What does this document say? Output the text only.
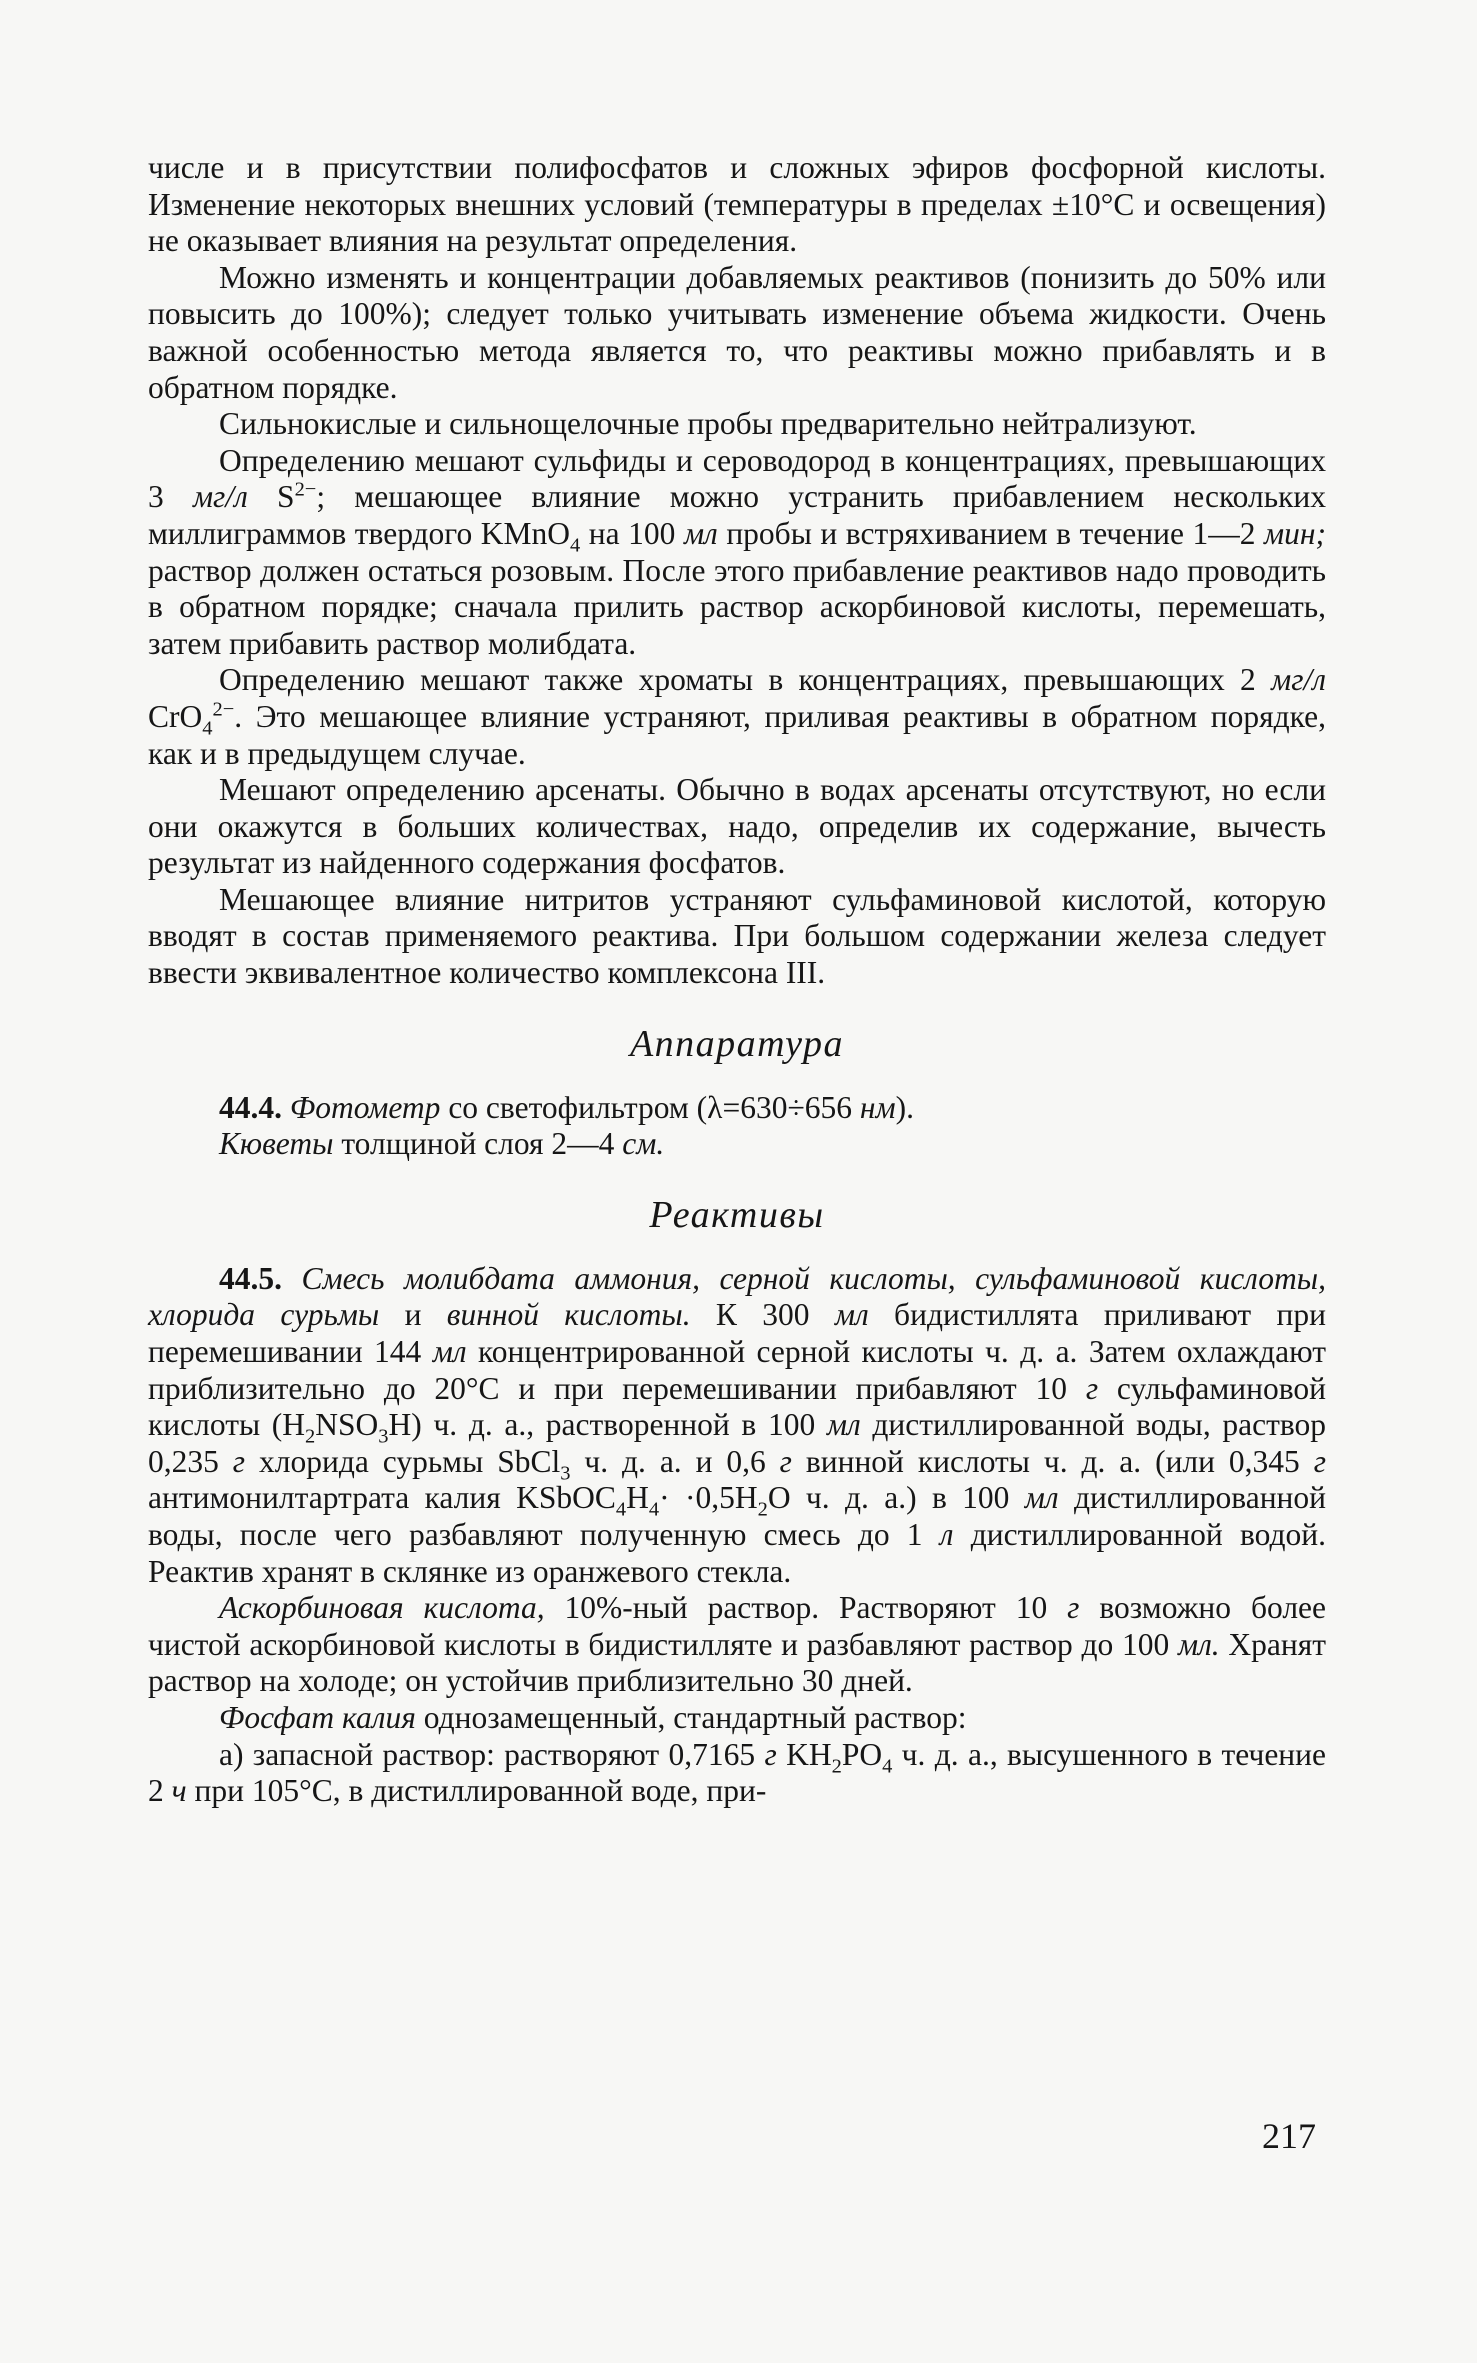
числе и в присутствии полифосфатов и сложных эфиров фосфорной кислоты. Изменение некоторых внешних условий (температуры в пределах ±10°С и освещения) не оказывает влияния на результат определения.

Можно изменять и концентрации добавляемых реактивов (понизить до 50% или повысить до 100%); следует только учитывать изменение объема жидкости. Очень важной особенностью метода является то, что реактивы можно прибавлять и в обратном порядке.

Сильнокислые и сильнощелочные пробы предварительно нейтрализуют.

Определению мешают сульфиды и сероводород в концентрациях, превышающих 3 мг/л $S^{2-}$; мешающее влияние можно устранить прибавлением нескольких миллиграммов твердого KMnO$_4$ на 100 мл пробы и встряхиванием в течение 1—2 мин; раствор должен остаться розовым. После этого прибавление реактивов надо проводить в обратном порядке; сначала прилить раствор аскорбиновой кислоты, перемешать, затем прибавить раствор молибдата.

Определению мешают также хроматы в концентрациях, превышающих 2 мг/л CrO$_4^{2-}$. Это мешающее влияние устраняют, приливая реактивы в обратном порядке, как и в предыдущем случае.

Мешают определению арсенаты. Обычно в водах арсенаты отсутствуют, но если они окажутся в больших количествах, надо, определив их содержание, вычесть результат из найденного содержания фосфатов.

Мешающее влияние нитритов устраняют сульфаминовой кислотой, которую вводят в состав применяемого реактива. При большом содержании железа следует ввести эквивалентное количество комплексона III.

Аппаратура

44.4. Фотометр со светофильтром (λ=630÷656 нм).

Кюветы толщиной слоя 2—4 см.

Реактивы

44.5. Смесь молибдата аммония, серной кислоты, сульфаминовой кислоты, хлорида сурьмы и винной кислоты. К 300 мл бидистиллята приливают при перемешивании 144 мл концентрированной серной кислоты ч. д. а. Затем охлаждают приблизительно до 20°С и при перемешивании прибавляют 10 г сульфаминовой кислоты $(H_2NSO_3H)$ ч. д. а., растворенной в 100 мл дистиллированной воды, раствор 0,235 г хлорида сурьмы SbCl$_3$ ч. д. а. и 0,6 г винной кислоты ч. д. а. (или 0,345 г антимонилтартрата калия $KSbOC_4H_4\cdot \cdot 0,5H_2O$ ч. д. а.) в 100 мл дистиллированной воды, после чего разбавляют полученную смесь до 1 л дистиллированной водой. Реактив хранят в склянке из оранжевого стекла.

Аскорбиновая кислота, 10%-ный раствор. Растворяют 10 г возможно более чистой аскорбиновой кислоты в бидистилляте и разбавляют раствор до 100 мл. Хранят раствор на холоде; он устойчив приблизительно 30 дней.

Фосфат калия однозамещенный, стандартный раствор:

а) запасной раствор: растворяют 0,7165 г $KH_2PO_4$ ч. д. а., высушенного в течение 2 ч при 105°С, в дистиллированной воде, при-

217
